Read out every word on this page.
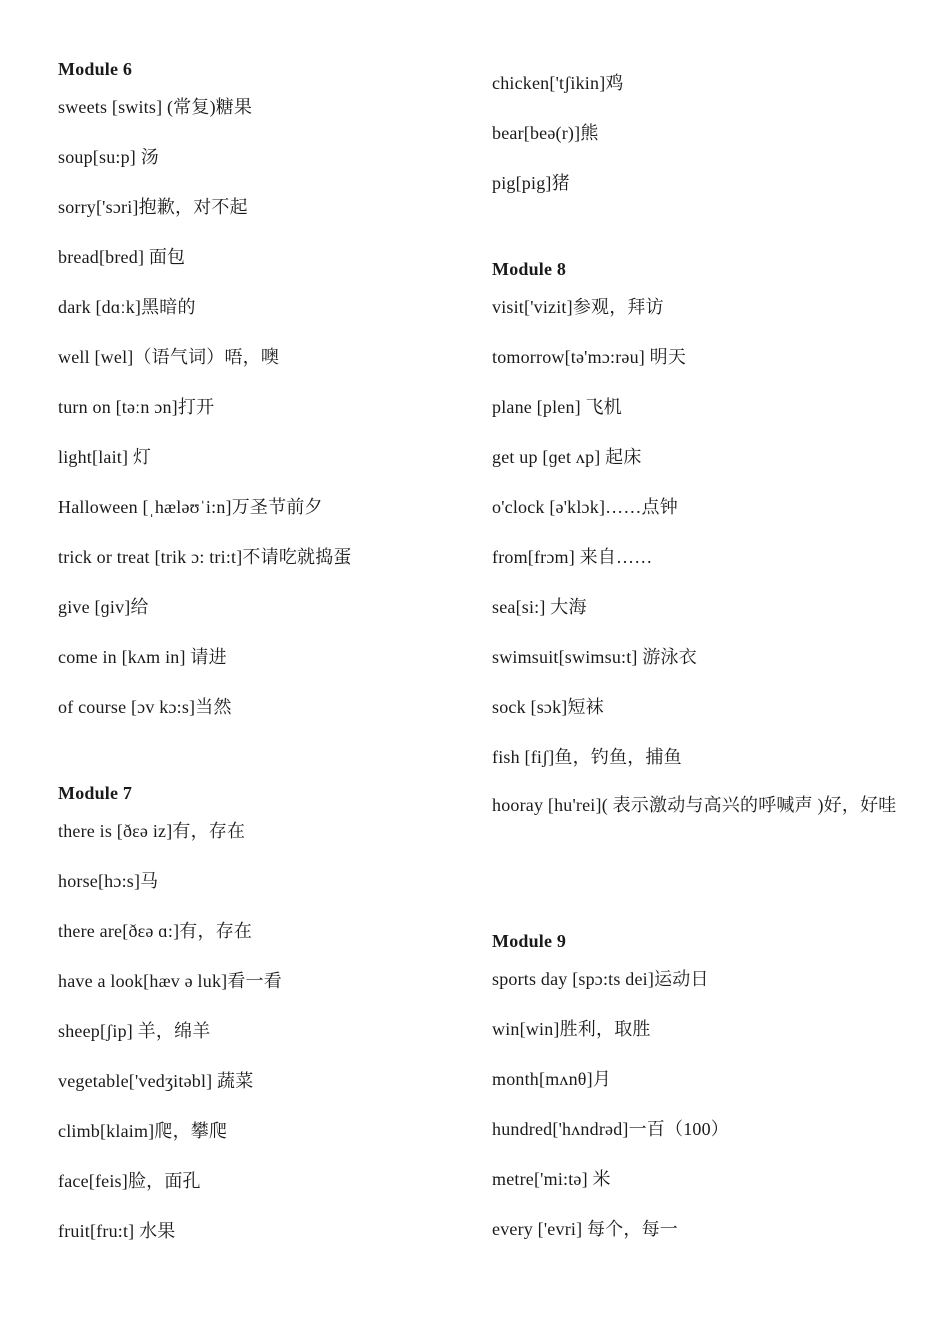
Module 6
sweets [swits] (常复)糖果
soup[su:p] 汤
sorry['sɔri]抱歉，对不起
bread[bred] 面包
dark [dɑːk]黑暗的
well [wel]（语气词）唔，噢
turn on [təːn ɔn]打开
light[lait] 灯
Halloween [ˌhælәʊˈi:n]万圣节前夕
trick or treat [trik ɔ: tri:t]不请吃就捣蛋
give [ɡiv]给
come in [kʌm in] 请进
of course [ɔv kɔ:s]当然
Module 7
there is [ðεə iz]有，存在
horse[hɔ:s]马
there are[ðεə ɑ:]有，存在
have a look[hæv ə luk]看一看
sheep[ʃip] 羊，绵羊
vegetable['vedʒitəbl] 蔬菜
climb[klaim]爬，攀爬
face[feis]脸，面孔
fruit[fru:t] 水果
chicken['tʃikin]鸡
bear[beə(r)]熊
pig[pig]猪
Module 8
visit['vizit]参观，拜访
tomorrow[tə'mɔ:rəu] 明天
plane [plen] 飞机
get up [ɡet ʌp] 起床
o'clock [ə'klɔk]……点钟
from[frɔm] 来自……
sea[si:] 大海
swimsuit[swimsu:t] 游泳衣
sock [sɔk]短袜
fish [fiʃ]鱼，钓鱼，捕鱼
hooray [hu'rei]( 表示激动与高兴的呼喊声 )好，好哇
Module 9
sports day [spɔ:ts dei]运动日
win[win]胜利，取胜
month[mʌnθ]月
hundred['hʌndrəd]一百（100）
metre['mi:tə] 米
every ['evri] 每个，每一
